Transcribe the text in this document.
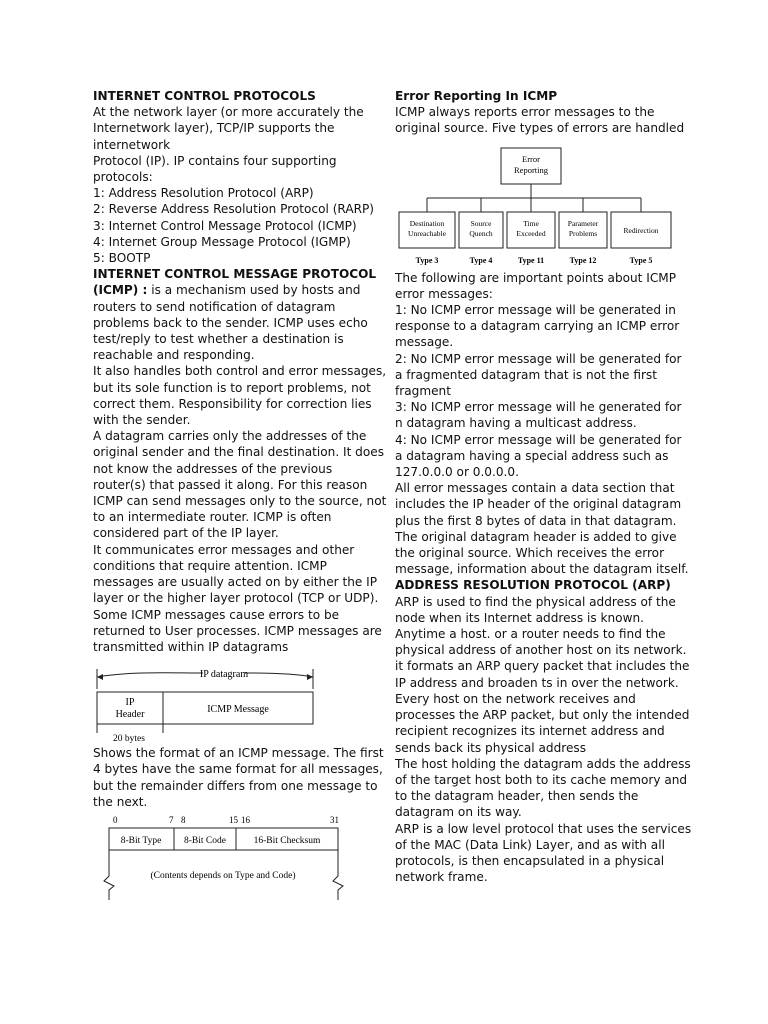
INTERNET CONTROL PROTOCOLS
At the network layer (or more accurately the
Internetwork layer), TCP/IP supports the
internetwork
Protocol (IP). IP contains four supporting
protocols:
1: Address Resolution Protocol (ARP)
2: Reverse Address Resolution Protocol (RARP)
3: Internet Control Message Protocol (ICMP)
4: Internet Group Message Protocol (IGMP)
5: BOOTP
INTERNET CONTROL MESSAGE PROTOCOL
(ICMP) : is a mechanism used by hosts and
routers to send notification of datagram
problems back to the sender. ICMP uses echo
test/reply to test whether a destination is
reachable and responding.
It also handles both control and error messages,
but its sole function is to report problems, not
correct them. Responsibility for correction lies
with the sender.
A datagram carries only the addresses of the
original sender and the final destination. It does
not know the addresses of the previous
router(s) that passed it along. For this reason
ICMP can send messages only to the source, not
to an intermediate router. ICMP is often
considered part of the IP layer.
It communicates error messages and other
conditions that require attention. ICMP
messages are usually acted on by either the IP
layer or the higher layer protocol (TCP or UDP).
Some ICMP messages cause errors to be
returned to User processes. ICMP messages are
transmitted within IP datagrams
IP datagram
IP
Header	ICMP Message
20 bytes
Shows the format of an ICMP message. The first
4 bytes have the same format for all messages,
but the remainder differs from one message to
the next.
0	7 8	15 16	31
8-Bit Type 8-Bit Code	16-Bit Checksum
(Contents depends on Type and Code)
Error Reporting In ICMP
ICMP always reports error messages to the
original source. Five types of errors are handled
Error
Reporting
Destination
Unreachable
Type 3
Source
Quench
Type 4
Time
Exceeded
Type 11
Parameter
Problems
Type 12
Redirection
Type 5
The following are important points about ICMP
error messages:
1: No ICMP error message will be generated in
response to a datagram carrying an ICMP error
message.
2: No ICMP error message will be generated for
a fragmented datagram that is not the first
fragment
3: No ICMP error message will he generated for
n datagram having a multicast address.
4: No ICMP error message will be generated for
a datagram having a special address such as
127.0.0.0 or 0.0.0.0.
All error messages contain a data section that
includes the IP header of the original datagram
plus the first 8 bytes of data in that datagram.
The original datagram header is added to give
the original source. Which receives the error
message, information about the datagram itself.
ADDRESS RESOLUTION PROTOCOL (ARP)
ARP is used to find the physical address of the
node when its Internet address is known.
Anytime a host. or a router needs to find the
physical address of another host on its network.
it formats an ARP query packet that includes the
IP address and broaden ts in over the network.
Every host on the network receives and
processes the ARP packet, but only the intended
recipient recognizes its internet address and
sends back its physical address
The host holding the datagram adds the address
of the target host both to its cache memory and
to the datagram header, then sends the
datagram on its way.
ARP is a low level protocol that uses the services
of the MAC (Data Link) Layer, and as with all
protocols, is then encapsulated in a physical
network frame.
